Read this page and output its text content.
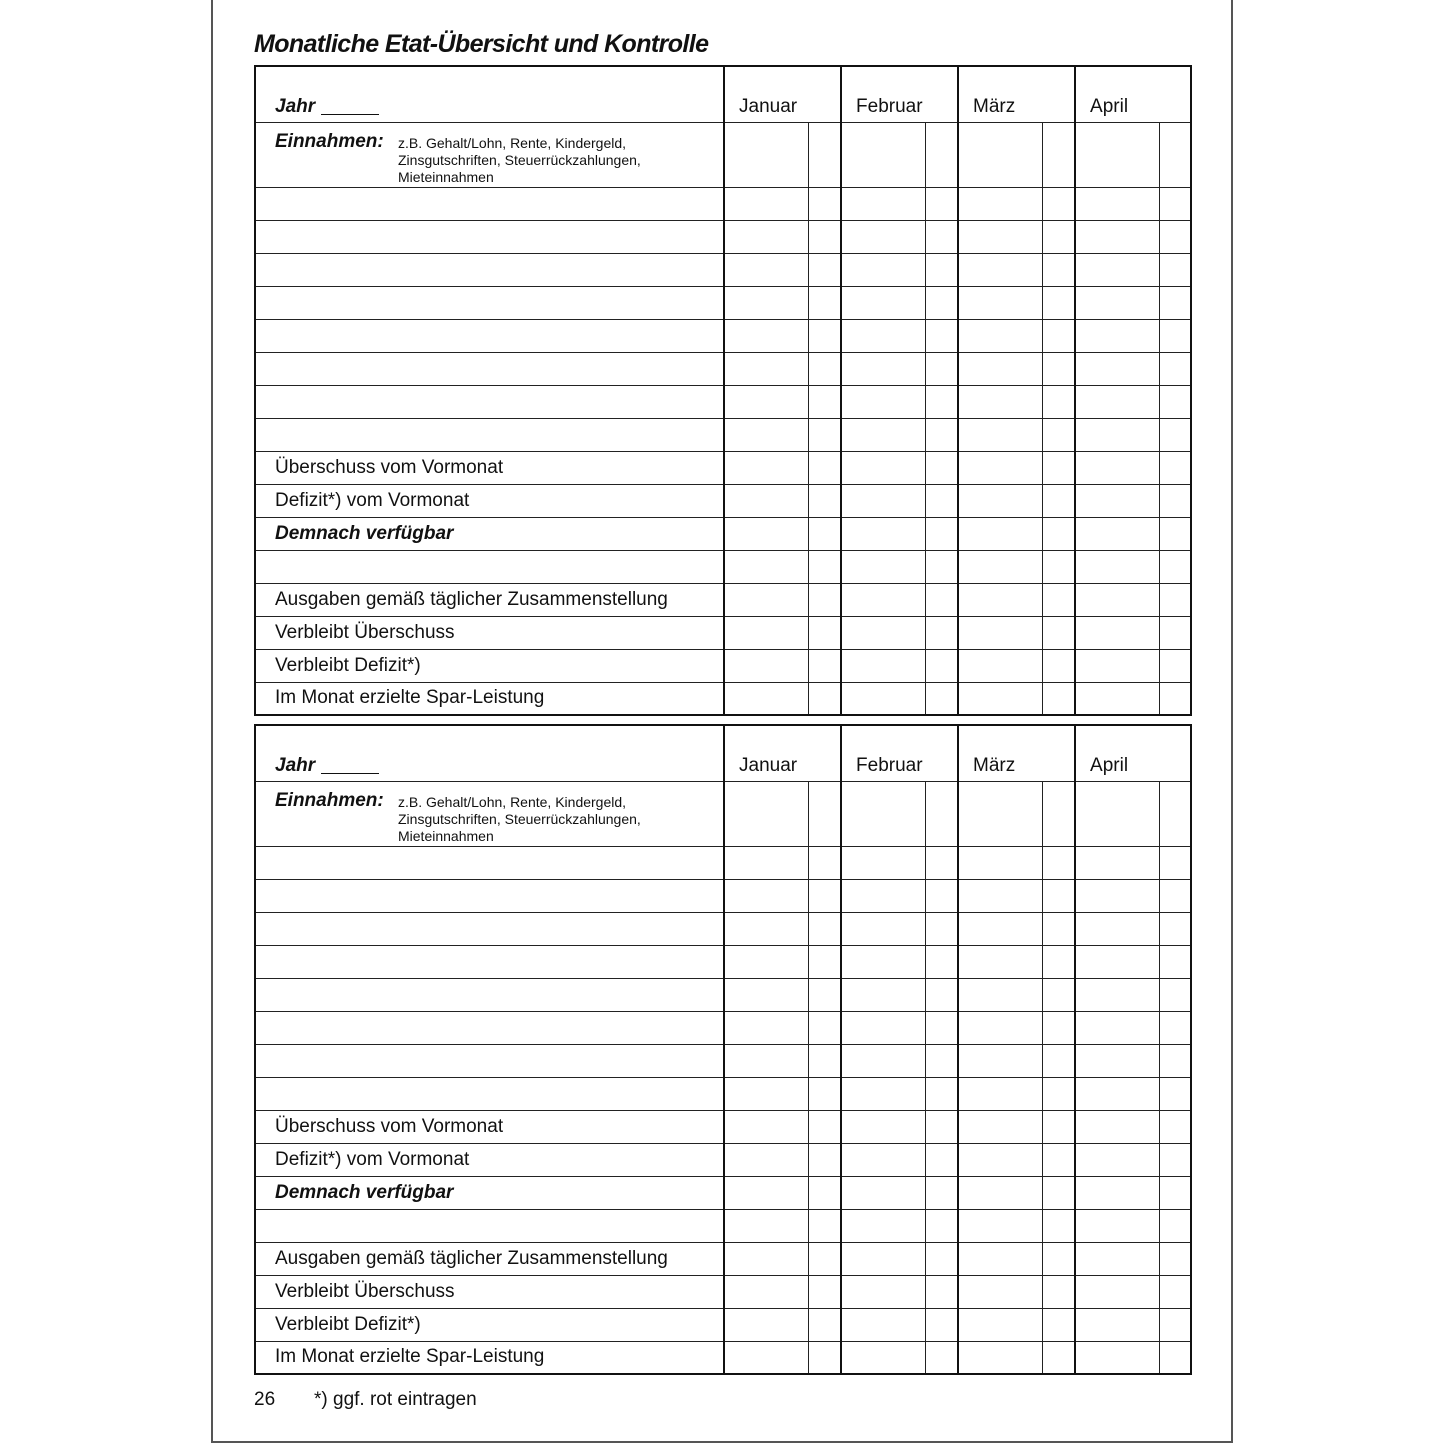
Monatliche Etat-Übersicht und Kontrolle
Jahr	Januar		Februar		März		April	

Einnahmen: z.B. Gehalt/Lohn, Rente, Kindergeld, Zinsgutschriften, Steuerrückzahlungen, Mieteinnahmen								

Überschuss vom Vormonat								
Defizit*) vom Vormonat								
Demnach verfügbar								

Ausgaben gemäß täglicher Zusammenstellung								
Verbleibt Überschuss								
Verbleibt Defizit*)								
Im Monat erzielte Spar-Leistung								
Jahr	Januar		Februar		März		April	

Einnahmen: z.B. Gehalt/Lohn, Rente, Kindergeld, Zinsgutschriften, Steuerrückzahlungen, Mieteinnahmen								

Überschuss vom Vormonat								
Defizit*) vom Vormonat								
Demnach verfügbar								

Ausgaben gemäß täglicher Zusammenstellung								
Verbleibt Überschuss								
Verbleibt Defizit*)								
Im Monat erzielte Spar-Leistung								
26 *) ggf. rot eintragen
